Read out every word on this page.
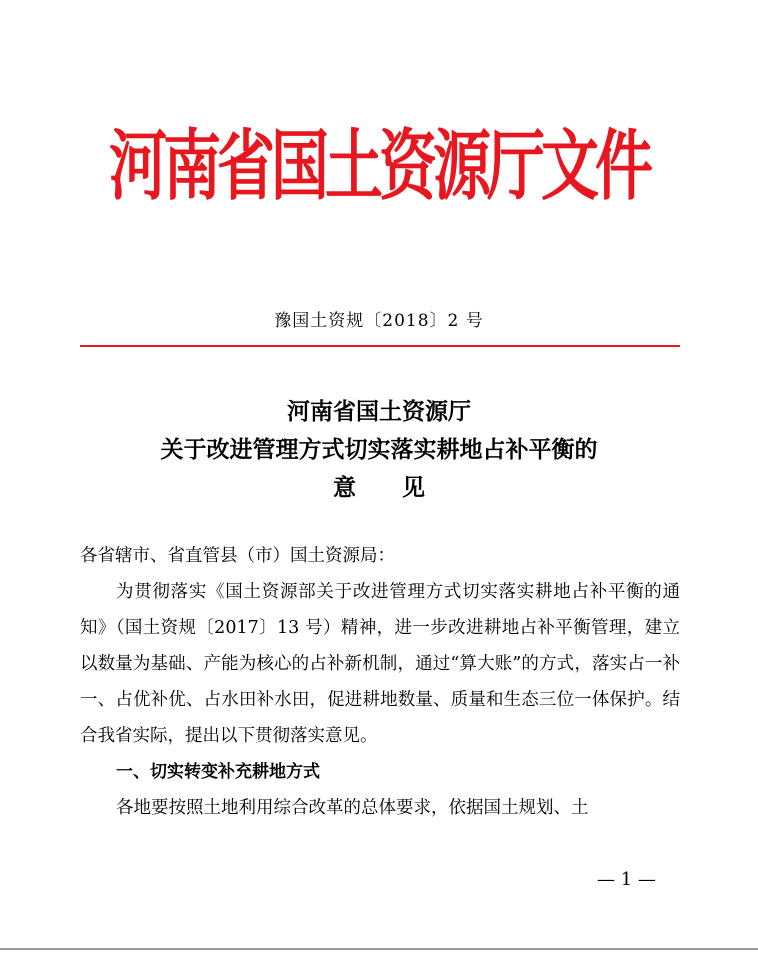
河南省国土资源厅文件
豫国土资规〔2018〕2 号
河南省国土资源厅
关于改进管理方式切实落实耕地占补平衡的
意 见

各省辖市、省直管县（市）国土资源局：

为贯彻落实《国土资源部关于改进管理方式切实落实耕地占补平衡的通知》（国土资规〔2017〕13 号）精神，进一步改进耕地占补平衡管理，建立以数量为基础、产能为核心的占补新机制，通过“算大账”的方式，落实占一补一、占优补优、占水田补水田，促进耕地数量、质量和生态三位一体保护。结合我省实际，提出以下贯彻落实意见。

一、切实转变补充耕地方式

各地要按照土地利用综合改革的总体要求，依据国土规划、土

— 1 —
